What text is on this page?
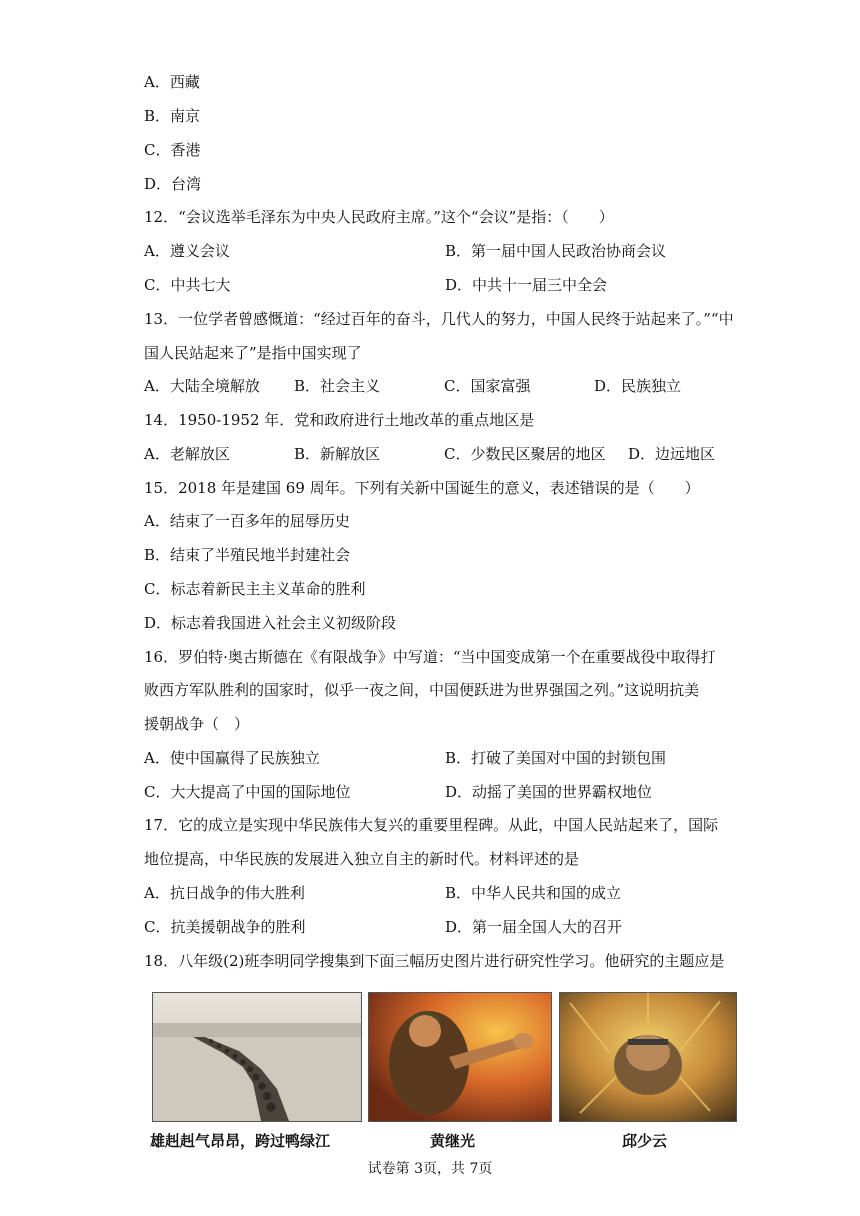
A．西藏
B．南京
C．香港
D．台湾
12．“会议选举毛泽东为中央人民政府主席。”这个“会议”是指：（　　）
A．遵义会议	B．第一届中国人民政治协商会议
C．中共七大	D．中共十一届三中全会
13．一位学者曾感慨道：“经过百年的奋斗，几代人的努力，中国人民终于站起来了。”“中
国人民站起来了”是指中国实现了
A．大陆全境解放 B．社会主义	C．国家富强	D．民族独立
14．1950-1952 年．党和政府进行土地改革的重点地区是
A．老解放区	B．新解放区	C．少数民区聚居的地区 D．边远地区
15．2018 年是建国 69 周年。下列有关新中国诞生的意义，表述错误的是（　　）
A．结束了一百多年的屈辱历史
B．结束了半殖民地半封建社会
C．标志着新民主主义革命的胜利
D．标志着我国进入社会主义初级阶段
16．罗伯特·奥古斯德在《有限战争》中写道：“当中国变成第一个在重要战役中取得打
败西方军队胜利的国家时，似乎一夜之间，中国便跃进为世界强国之列。”这说明抗美
援朝战争（　）
A．使中国赢得了民族独立	B．打破了美国对中国的封锁包围
C．大大提高了中国的国际地位	D．动摇了美国的世界霸权地位
17．它的成立是实现中华民族伟大复兴的重要里程碑。从此，中国人民站起来了，国际
地位提高，中华民族的发展进入独立自主的新时代。材料评述的是
A．抗日战争的伟大胜利	B．中华人民共和国的成立
C．抗美援朝战争的胜利	D．第一届全国人大的召开
18．八年级(2)班李明同学搜集到下面三幅历史图片进行研究性学习。他研究的主题应是
雄赳赳气昂昂，跨过鸭绿江	黄继光	邱少云
试卷第 3页，共 7页
